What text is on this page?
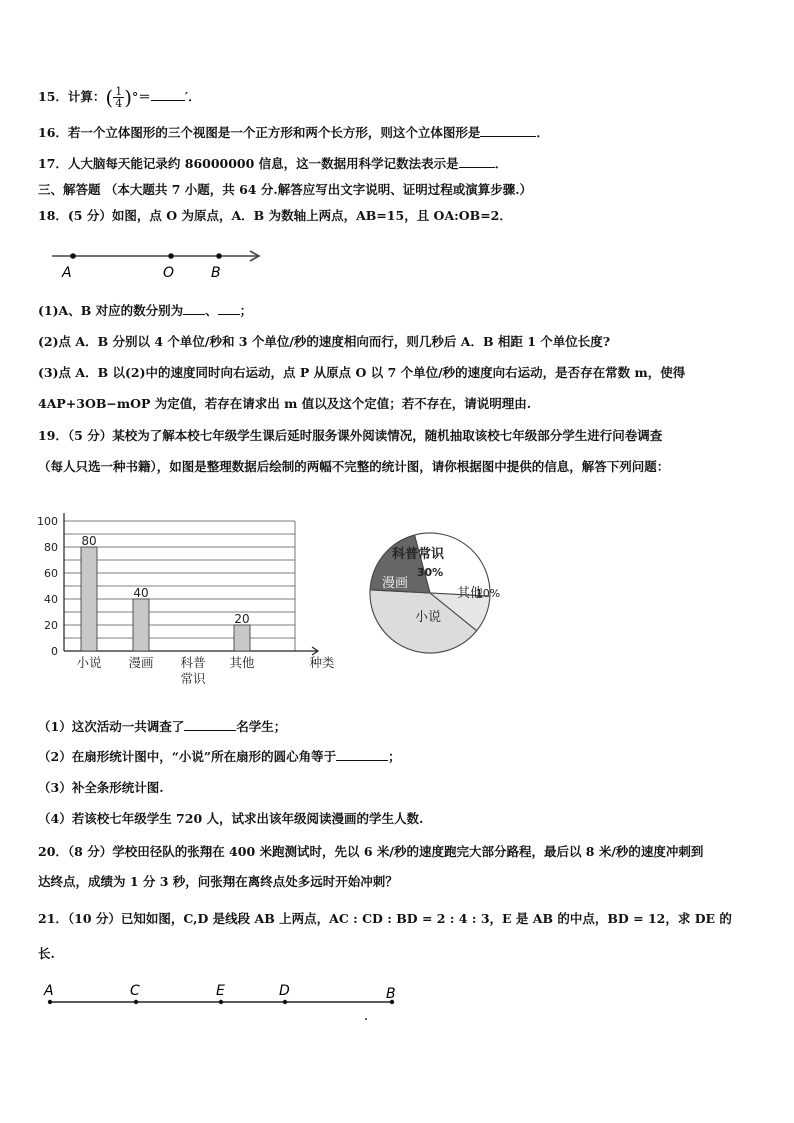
15．计算：( $\frac{1}{4}$ )°＝	′．
16．若一个立体图形的三个视图是一个正方形和两个长方形，则这个立体图形是	．
17．人大脑每天能记录约 86000000 信息，这一数据用科学记数法表示是	．
三、解答题 （本大题共 7 小题，共 64 分.解答应写出文字说明、证明过程或演算步骤.）
18．(5 分）如图，点 O 为原点，A．B 为数轴上两点，AB=15，且 OA:OB=2．
A	O	B
(1)A、B 对应的数分别为 、 ；
(2)点 A．B 分别以 4 个单位/秒和 3 个单位/秒的速度相向而行，则几秒后 A．B 相距 1 个单位长度?
(3)点 A．B 以(2)中的速度同时向右运动，点 P 从原点 O 以 7 个单位/秒的速度向右运动，是否存在常数 m，使得
4AP+3OB−mOP 为定值，若存在请求出 m 值以及这个定值；若不存在，请说明理由.
19．（5 分）某校为了解本校七年级学生课后延时服务课外阅读情况，随机抽取该校七年级部分学生进行问卷调查
（每人只选一种书籍），如图是整理数据后绘制的两幅不完整的统计图，请你根据图中提供的信息，解答下列问题：
0
20
40
60
80
100
80
40
20
小说 漫画 科普
常识
其他	种类
科普常识
30%
其他
10%
小说
漫画
（1）这次活动一共调查了	名学生；
（2）在扇形统计图中，“小说”所在扇形的圆心角等于	；
（3）补全条形统计图.
（4）若该校七年级学生 720 人，试求出该年级阅读漫画的学生人数.
20．（8 分）学校田径队的张翔在 400 米跑测试时，先以 6 米/秒的速度跑完大部分路程，最后以 8 米/秒的速度冲刺到
达终点，成绩为 1 分 3 秒，问张翔在离终点处多远时开始冲刺？
21．（10 分）已知如图，C,D 是线段 AB 上两点，AC : CD : BD = 2 : 4 : 3，E 是 AB 的中点，BD = 12，求 DE 的
长.
A	C	E	D	B
